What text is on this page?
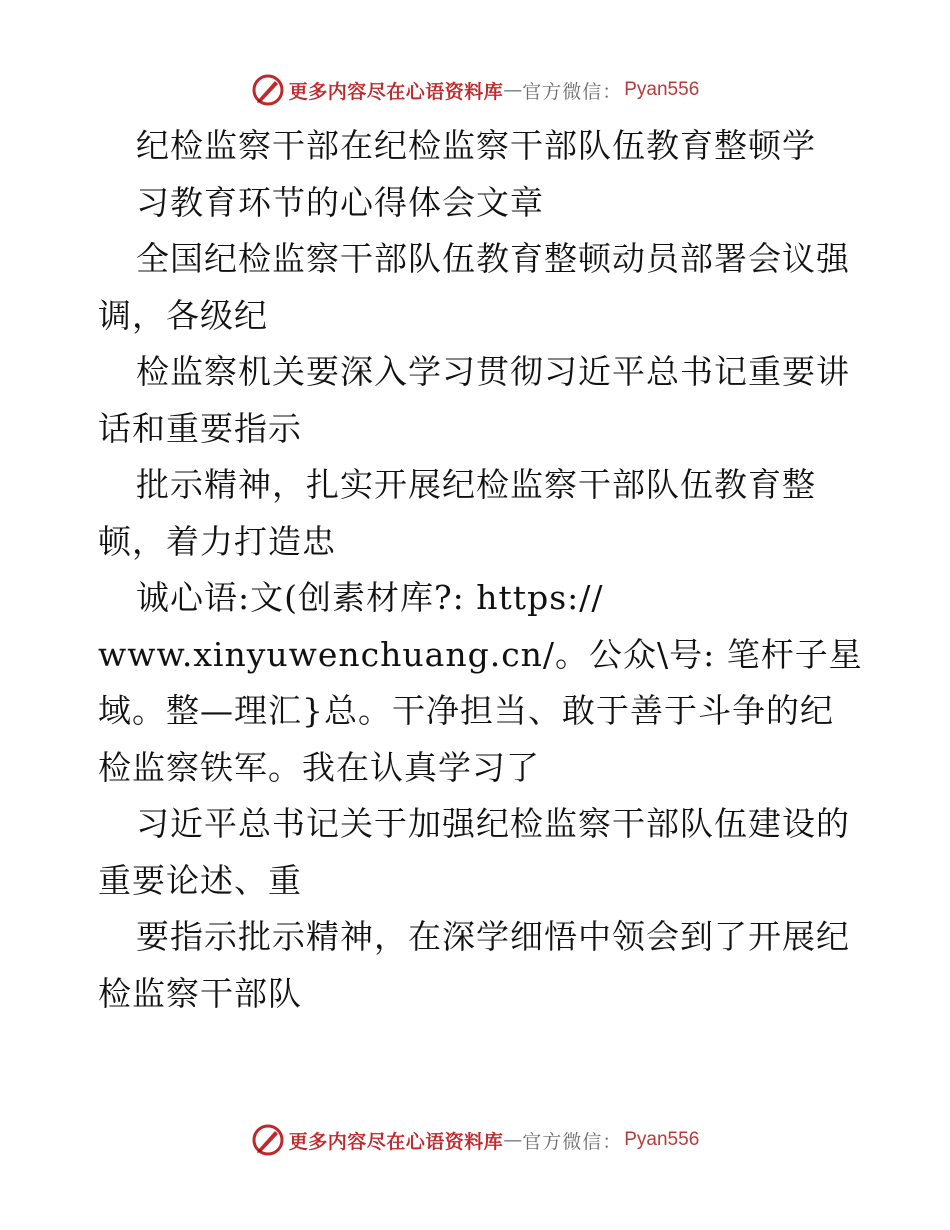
更多内容尽在心语资料库 — 官方微信： Pyan556
纪检监察干部在纪检监察干部队伍教育整顿学
习教育环节的心得体会文章
全国纪检监察干部队伍教育整顿动员部署会议强
调，各级纪
检监察机关要深入学习贯彻习近平总书记重要讲
话和重要指示
批示精神，扎实开展纪检监察干部队伍教育整
顿，着力打造忠
诚心语:文(创素材库?: https://
www.xinyuwenchuang.cn/。公众\号: 笔杆子星
域。整—理汇}总。干净担当、敢于善于斗争的纪
检监察铁军。我在认真学习了
习近平总书记关于加强纪检监察干部队伍建设的
重要论述、重
要指示批示精神，在深学细悟中领会到了开展纪
检监察干部队
更多内容尽在心语资料库 — 官方微信： Pyan556
